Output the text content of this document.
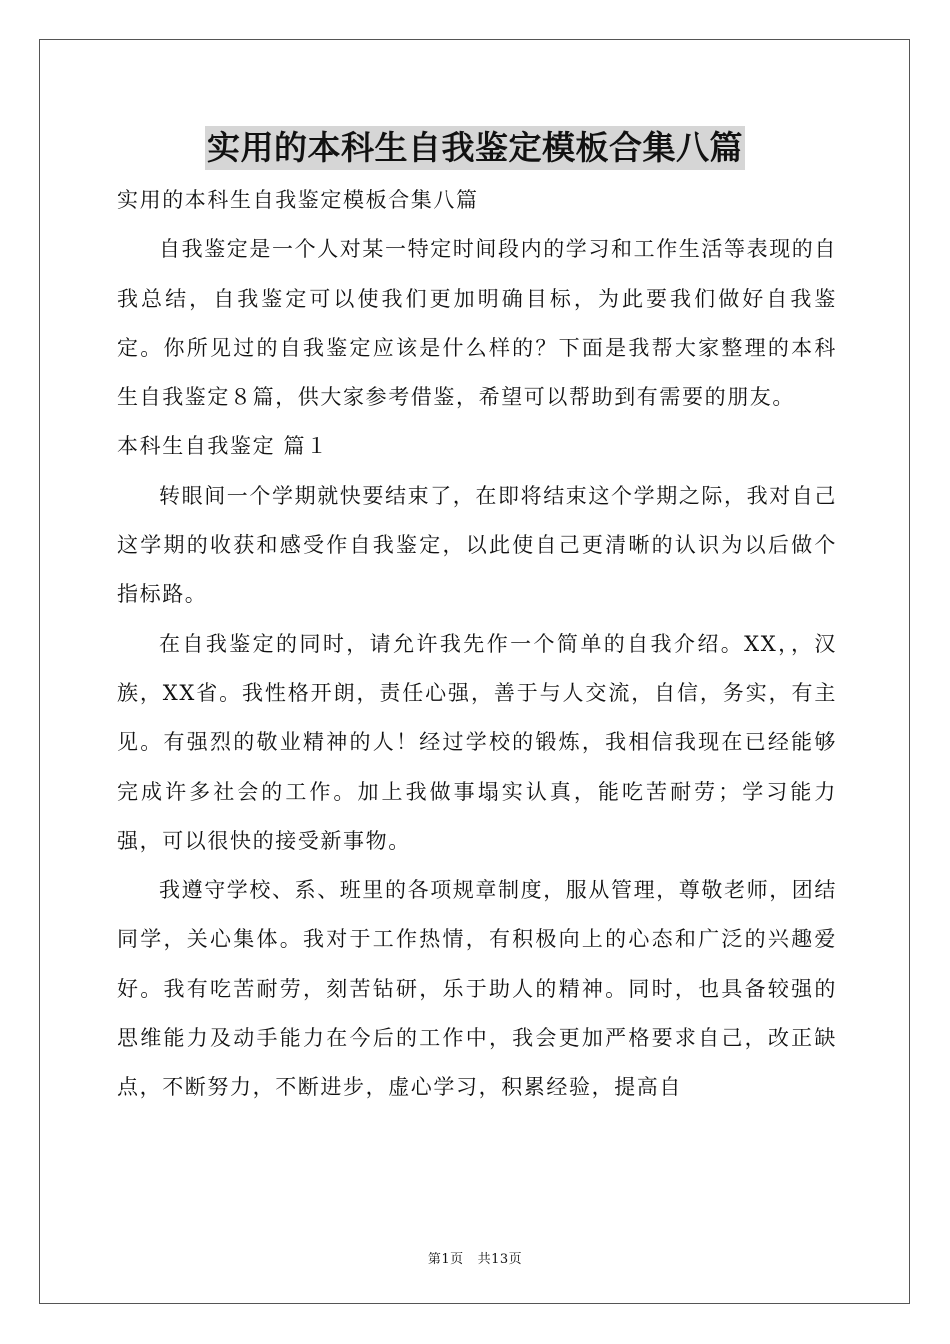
实用的本科生自我鉴定模板合集八篇

实用的本科生自我鉴定模板合集八篇

自我鉴定是一个人对某一特定时间段内的学习和工作生活等表现的自我总结，自我鉴定可以使我们更加明确目标，为此要我们做好自我鉴定。你所见过的自我鉴定应该是什么样的？下面是我帮大家整理的本科生自我鉴定８篇，供大家参考借鉴，希望可以帮助到有需要的朋友。

本科生自我鉴定 篇１

转眼间一个学期就快要结束了，在即将结束这个学期之际，我对自己这学期的收获和感受作自我鉴定，以此使自己更清晰的认识为以后做个指标路。

在自我鉴定的同时，请允许我先作一个简单的自我介绍。XX，，汉族，XX省。我性格开朗，责任心强，善于与人交流，自信，务实，有主见。有强烈的敬业精神的人！经过学校的锻炼，我相信我现在已经能够完成许多社会的工作。加上我做事塌实认真，能吃苦耐劳；学习能力强，可以很快的接受新事物。

我遵守学校、系、班里的各项规章制度，服从管理，尊敬老师，团结同学，关心集体。我对于工作热情，有积极向上的心态和广泛的兴趣爱好。我有吃苦耐劳，刻苦钻研，乐于助人的精神。同时，也具备较强的思维能力及动手能力在今后的工作中，我会更加严格要求自己，改正缺点，不断努力，不断进步，虚心学习，积累经验，提高自

第1页 共13页
